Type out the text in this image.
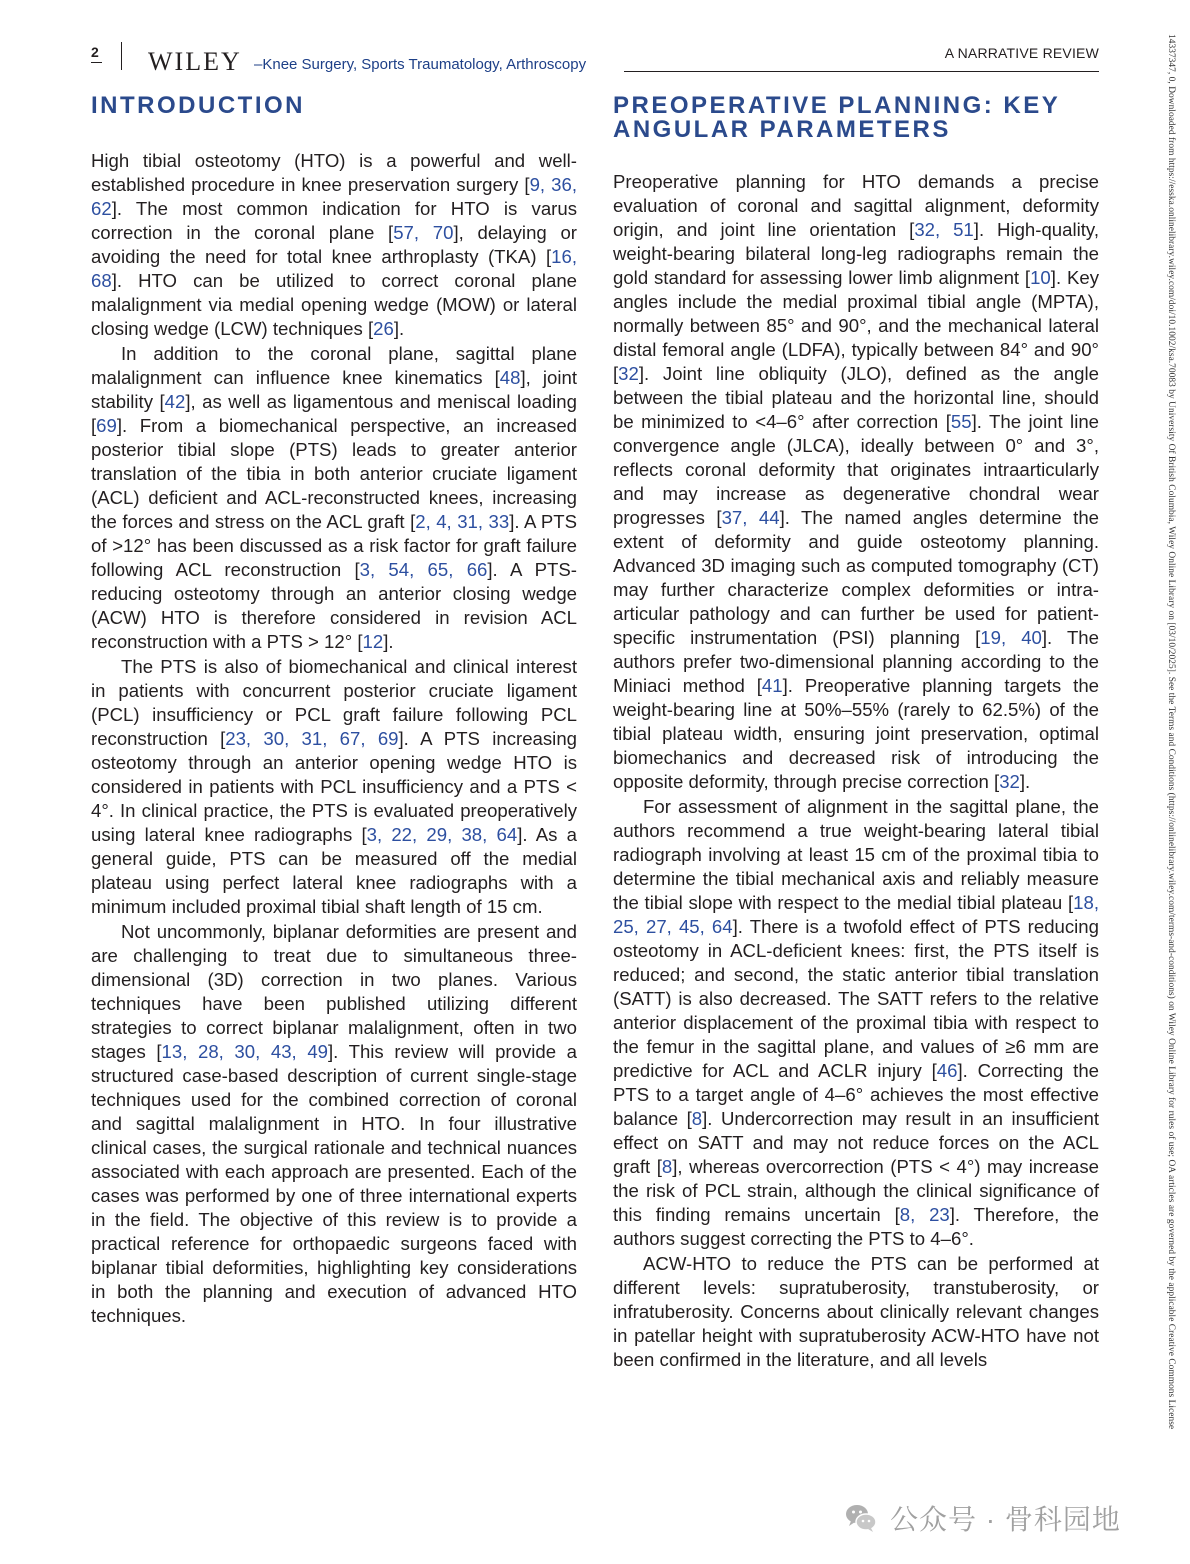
2 WILEY –Knee Surgery, Sports Traumatology, Arthroscopy
A NARRATIVE REVIEW
INTRODUCTION

High tibial osteotomy (HTO) is a powerful and well-established procedure in knee preservation surgery [9, 36, 62]. The most common indication for HTO is varus correction in the coronal plane [57, 70], delaying or avoiding the need for total knee arthroplasty (TKA) [16, 68]. HTO can be utilized to correct coronal plane malalignment via medial opening wedge (MOW) or lateral closing wedge (LCW) techniques [26].

In addition to the coronal plane, sagittal plane malalignment can influence knee kinematics [48], joint stability [42], as well as ligamentous and meniscal loading [69]. From a biomechanical perspective, an increased posterior tibial slope (PTS) leads to greater anterior translation of the tibia in both anterior cruciate ligament (ACL) deficient and ACL-reconstructed knees, increasing the forces and stress on the ACL graft [2, 4, 31, 33]. A PTS of >12° has been discussed as a risk factor for graft failure following ACL reconstruction [3, 54, 65, 66]. A PTS-reducing osteotomy through an anterior closing wedge (ACW) HTO is therefore considered in revision ACL reconstruction with a PTS > 12° [12].

The PTS is also of biomechanical and clinical interest in patients with concurrent posterior cruciate ligament (PCL) insufficiency or PCL graft failure following PCL reconstruction [23, 30, 31, 67, 69]. A PTS increasing osteotomy through an anterior opening wedge HTO is considered in patients with PCL insufficiency and a PTS < 4°. In clinical practice, the PTS is evaluated preoperatively using lateral knee radiographs [3, 22, 29, 38, 64]. As a general guide, PTS can be measured off the medial plateau using perfect lateral knee radiographs with a minimum included proximal tibial shaft length of 15 cm.

Not uncommonly, biplanar deformities are present and are challenging to treat due to simultaneous three-dimensional (3D) correction in two planes. Various techniques have been published utilizing different strategies to correct biplanar malalignment, often in two stages [13, 28, 30, 43, 49]. This review will provide a structured case-based description of current single-stage techniques used for the combined correction of coronal and sagittal malalignment in HTO. In four illustrative clinical cases, the surgical rationale and technical nuances associated with each approach are presented. Each of the cases was performed by one of three international experts in the field. The objective of this review is to provide a practical reference for orthopaedic surgeons faced with biplanar tibial deformities, highlighting key considerations in both the planning and execution of advanced HTO techniques.

PREOPERATIVE PLANNING: KEY
ANGULAR PARAMETERS

Preoperative planning for HTO demands a precise evaluation of coronal and sagittal alignment, deformity origin, and joint line orientation [32, 51]. High-quality, weight-bearing bilateral long-leg radiographs remain the gold standard for assessing lower limb alignment [10]. Key angles include the medial proximal tibial angle (MPTA), normally between 85° and 90°, and the mechanical lateral distal femoral angle (LDFA), typically between 84° and 90° [32]. Joint line obliquity (JLO), defined as the angle between the tibial plateau and the horizontal line, should be minimized to <4–6° after correction [55]. The joint line convergence angle (JLCA), ideally between 0° and 3°, reflects coronal deformity that originates intraarticularly and may increase as degenerative chondral wear progresses [37, 44]. The named angles determine the extent of deformity and guide osteotomy planning. Advanced 3D imaging such as computed tomography (CT) may further characterize complex deformities or intra-articular pathology and can further be used for patient-specific instrumentation (PSI) planning [19, 40]. The authors prefer two-dimensional planning according to the Miniaci method [41]. Preoperative planning targets the weight-bearing line at 50%–55% (rarely to 62.5%) of the tibial plateau width, ensuring joint preservation, optimal biomechanics and decreased risk of introducing the opposite deformity, through precise correction [32].

For assessment of alignment in the sagittal plane, the authors recommend a true weight-bearing lateral tibial radiograph involving at least 15 cm of the proximal tibia to determine the tibial mechanical axis and reliably measure the tibial slope with respect to the medial tibial plateau [18, 25, 27, 45, 64]. There is a twofold effect of PTS reducing osteotomy in ACL-deficient knees: first, the PTS itself is reduced; and second, the static anterior tibial translation (SATT) is also decreased. The SATT refers to the relative anterior displacement of the proximal tibia with respect to the femur in the sagittal plane, and values of ≥6 mm are predictive for ACL and ACLR injury [46]. Correcting the PTS to a target angle of 4–6° achieves the most effective balance [8]. Undercorrection may result in an insufficient effect on SATT and may not reduce forces on the ACL graft [8], whereas overcorrection (PTS < 4°) may increase the risk of PCL strain, although the clinical significance of this finding remains uncertain [8, 23]. Therefore, the authors suggest correcting the PTS to 4–6°.

ACW-HTO to reduce the PTS can be performed at different levels: supratuberosity, transtuberosity, or infratuberosity. Concerns about clinically relevant changes in patellar height with supratuberosity ACW-HTO have not been confirmed in the literature, and all levels	14337347, 0, Downloaded from https://esska.onlinelibrary.wiley.com/doi/10.1002/ksa.70083 by University Of British Columbia, Wiley Online Library on [03/10/2025]. See the Terms and Conditions (https://onlinelibrary.wiley.com/terms-and-conditions) on Wiley Online Library for rules of use; OA articles are governed by the applicable Creative Commons License
公众号 · 骨科园地
